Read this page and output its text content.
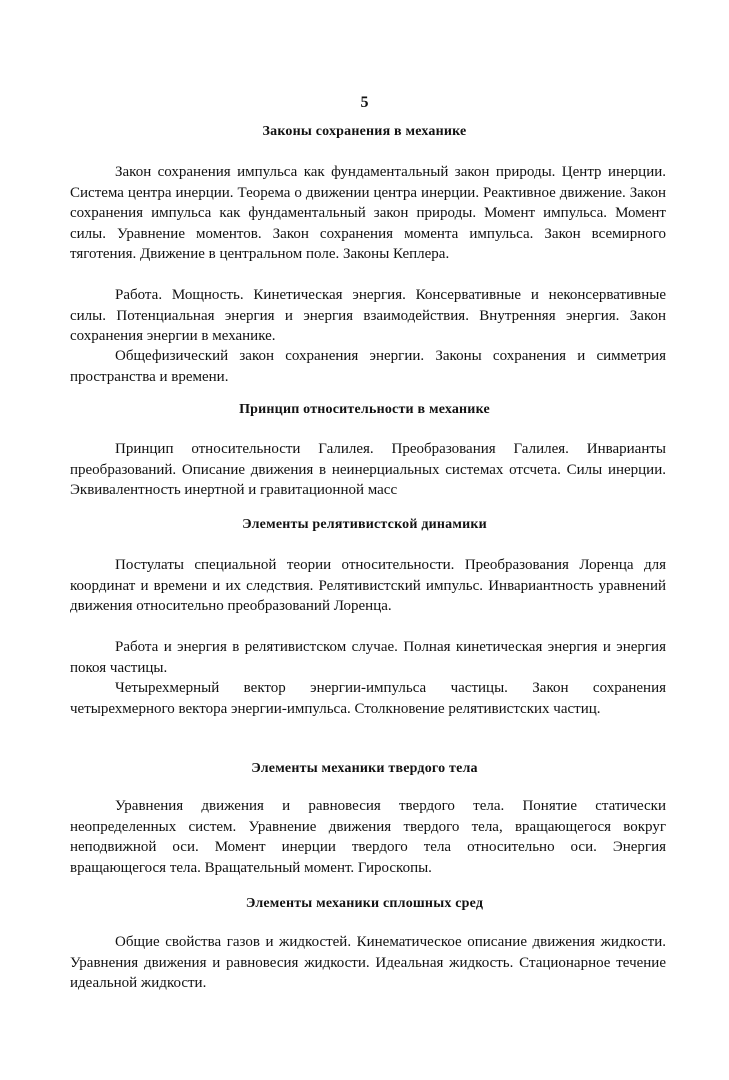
5
Законы сохранения в механике

Закон сохранения импульса как фундаментальный закон природы. Центр инерции. Система центра инерции. Теорема о движении центра инерции. Реактивное движение. Закон сохранения импульса как фундаментальный закон природы. Момент импульса. Момент силы. Уравнение моментов. Закон сохранения момента импульса. Закон всемирного тяготения. Движение в центральном поле. Законы Кеплера.

Работа. Мощность. Кинетическая энергия. Консервативные и неконсервативные силы. Потенциальная энергия и энергия взаимодействия. Внутренняя энергия. Закон сохранения энергии в механике.

Общефизический закон сохранения энергии. Законы сохранения и симметрия пространства и времени.

Принцип относительности в механике

Принцип относительности Галилея. Преобразования Галилея. Инварианты преобразований. Описание движения в неинерциальных системах отсчета. Силы инерции. Эквивалентность инертной и гравитационной масс

Элементы релятивистской динамики

Постулаты специальной теории относительности. Преобразования Лоренца для координат и времени и их следствия. Релятивистский импульс. Инвариантность уравнений движения относительно преобразований Лоренца.

Работа и энергия в релятивистском случае. Полная кинетическая энергия и энергия покоя частицы.

Четырехмерный вектор энергии-импульса частицы. Закон сохранения четырехмерного вектора энергии-импульса. Столкновение релятивистских частиц.

Элементы механики твердого тела

Уравнения движения и равновесия твердого тела. Понятие статически неопределенных систем. Уравнение движения твердого тела, вращающегося вокруг неподвижной оси. Момент инерции твердого тела относительно оси. Энергия вращающегося тела. Вращательный момент. Гироскопы.

Элементы механики сплошных сред

Общие свойства газов и жидкостей. Кинематическое описание движения жидкости. Уравнения движения и равновесия жидкости. Идеальная жидкость. Стационарное течение идеальной жидкости.
